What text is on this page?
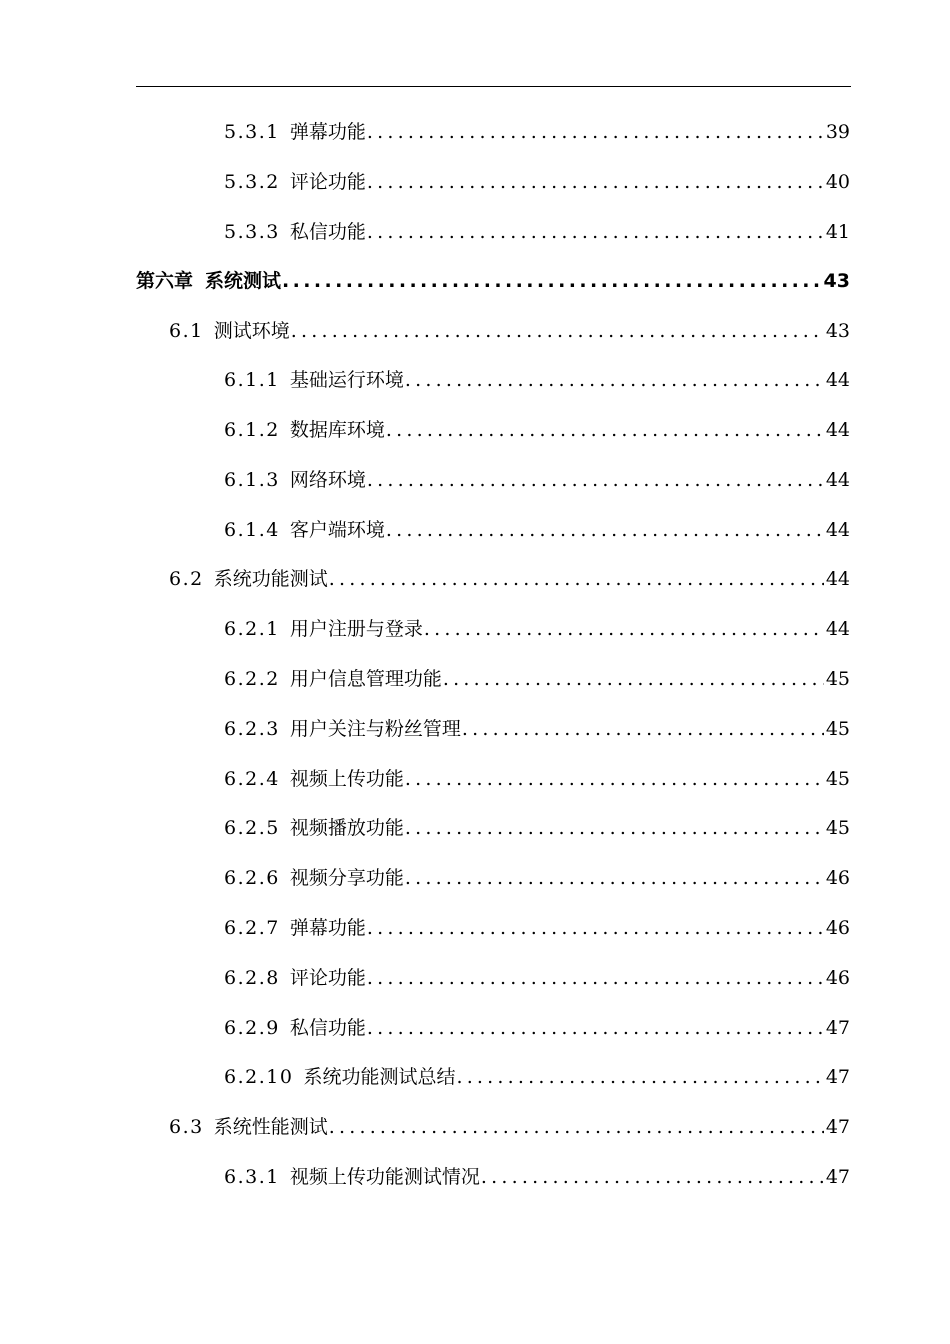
5.3.1 弹幕功能 .....	39
5.3.2 评论功能 .....	40
5.3.3 私信功能 .....	41
第六章 系统测试 .....	43
6.1 测试环境 .....	43
6.1.1 基础运行环境 .....	44
6.1.2 数据库环境 .....	44
6.1.3 网络环境 .....	44
6.1.4 客户端环境 .....	44
6.2 系统功能测试 .....	44
6.2.1 用户注册与登录 .....	44
6.2.2 用户信息管理功能 .....	45
6.2.3 用户关注与粉丝管理 .....	45
6.2.4 视频上传功能 .....	45
6.2.5 视频播放功能 .....	45
6.2.6 视频分享功能 .....	46
6.2.7 弹幕功能 .....	46
6.2.8 评论功能 .....	46
6.2.9 私信功能 .....	47
6.2.10 系统功能测试总结 .....	47
6.3 系统性能测试 .....	47
6.3.1 视频上传功能测试情况 .....	47
